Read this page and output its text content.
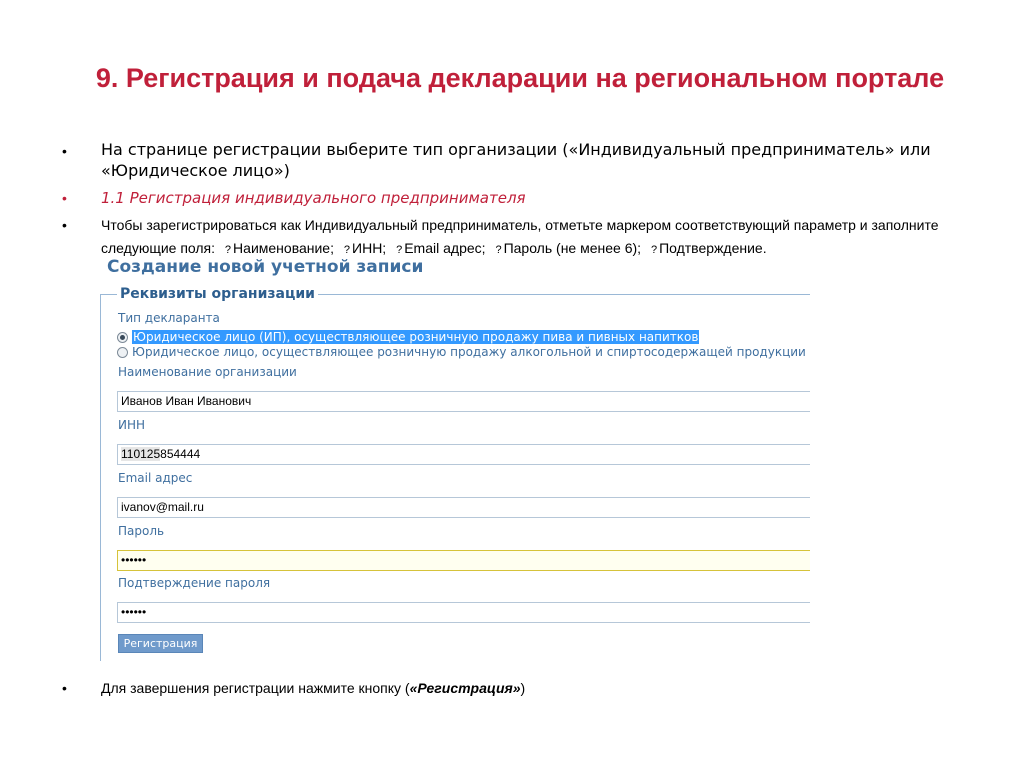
9. Регистрация и подача декларации на региональном портале
• На странице регистрации выберите тип организации («Индивидуальный предприниматель» или «Юридическое лицо»)
• 1.1 Регистрация индивидуального предпринимателя
• Чтобы зарегистрироваться как Индивидуальный предприниматель, отметьте маркером соответствующий параметр и заполните следующие поля: ? Наименование; ? ИНН; ? Email адрес; ? Пароль (не менее 6); ? Подтверждение.
Создание новой учетной записи
Реквизиты организации
Тип декларанта
Юридическое лицо (ИП), осуществляющее розничную продажу пива и пивных напитков
Юридическое лицо, осуществляющее розничную продажу алкогольной и спиртосодержащей продукции
Наименование организации
Иванов Иван Иванович
ИНН
110125854444
Email адрес
ivanov@mail.ru
Пароль
••••••
Подтверждение пароля
••••••
Регистрация
• Для завершения регистрации нажмите кнопку («Регистрация»)
